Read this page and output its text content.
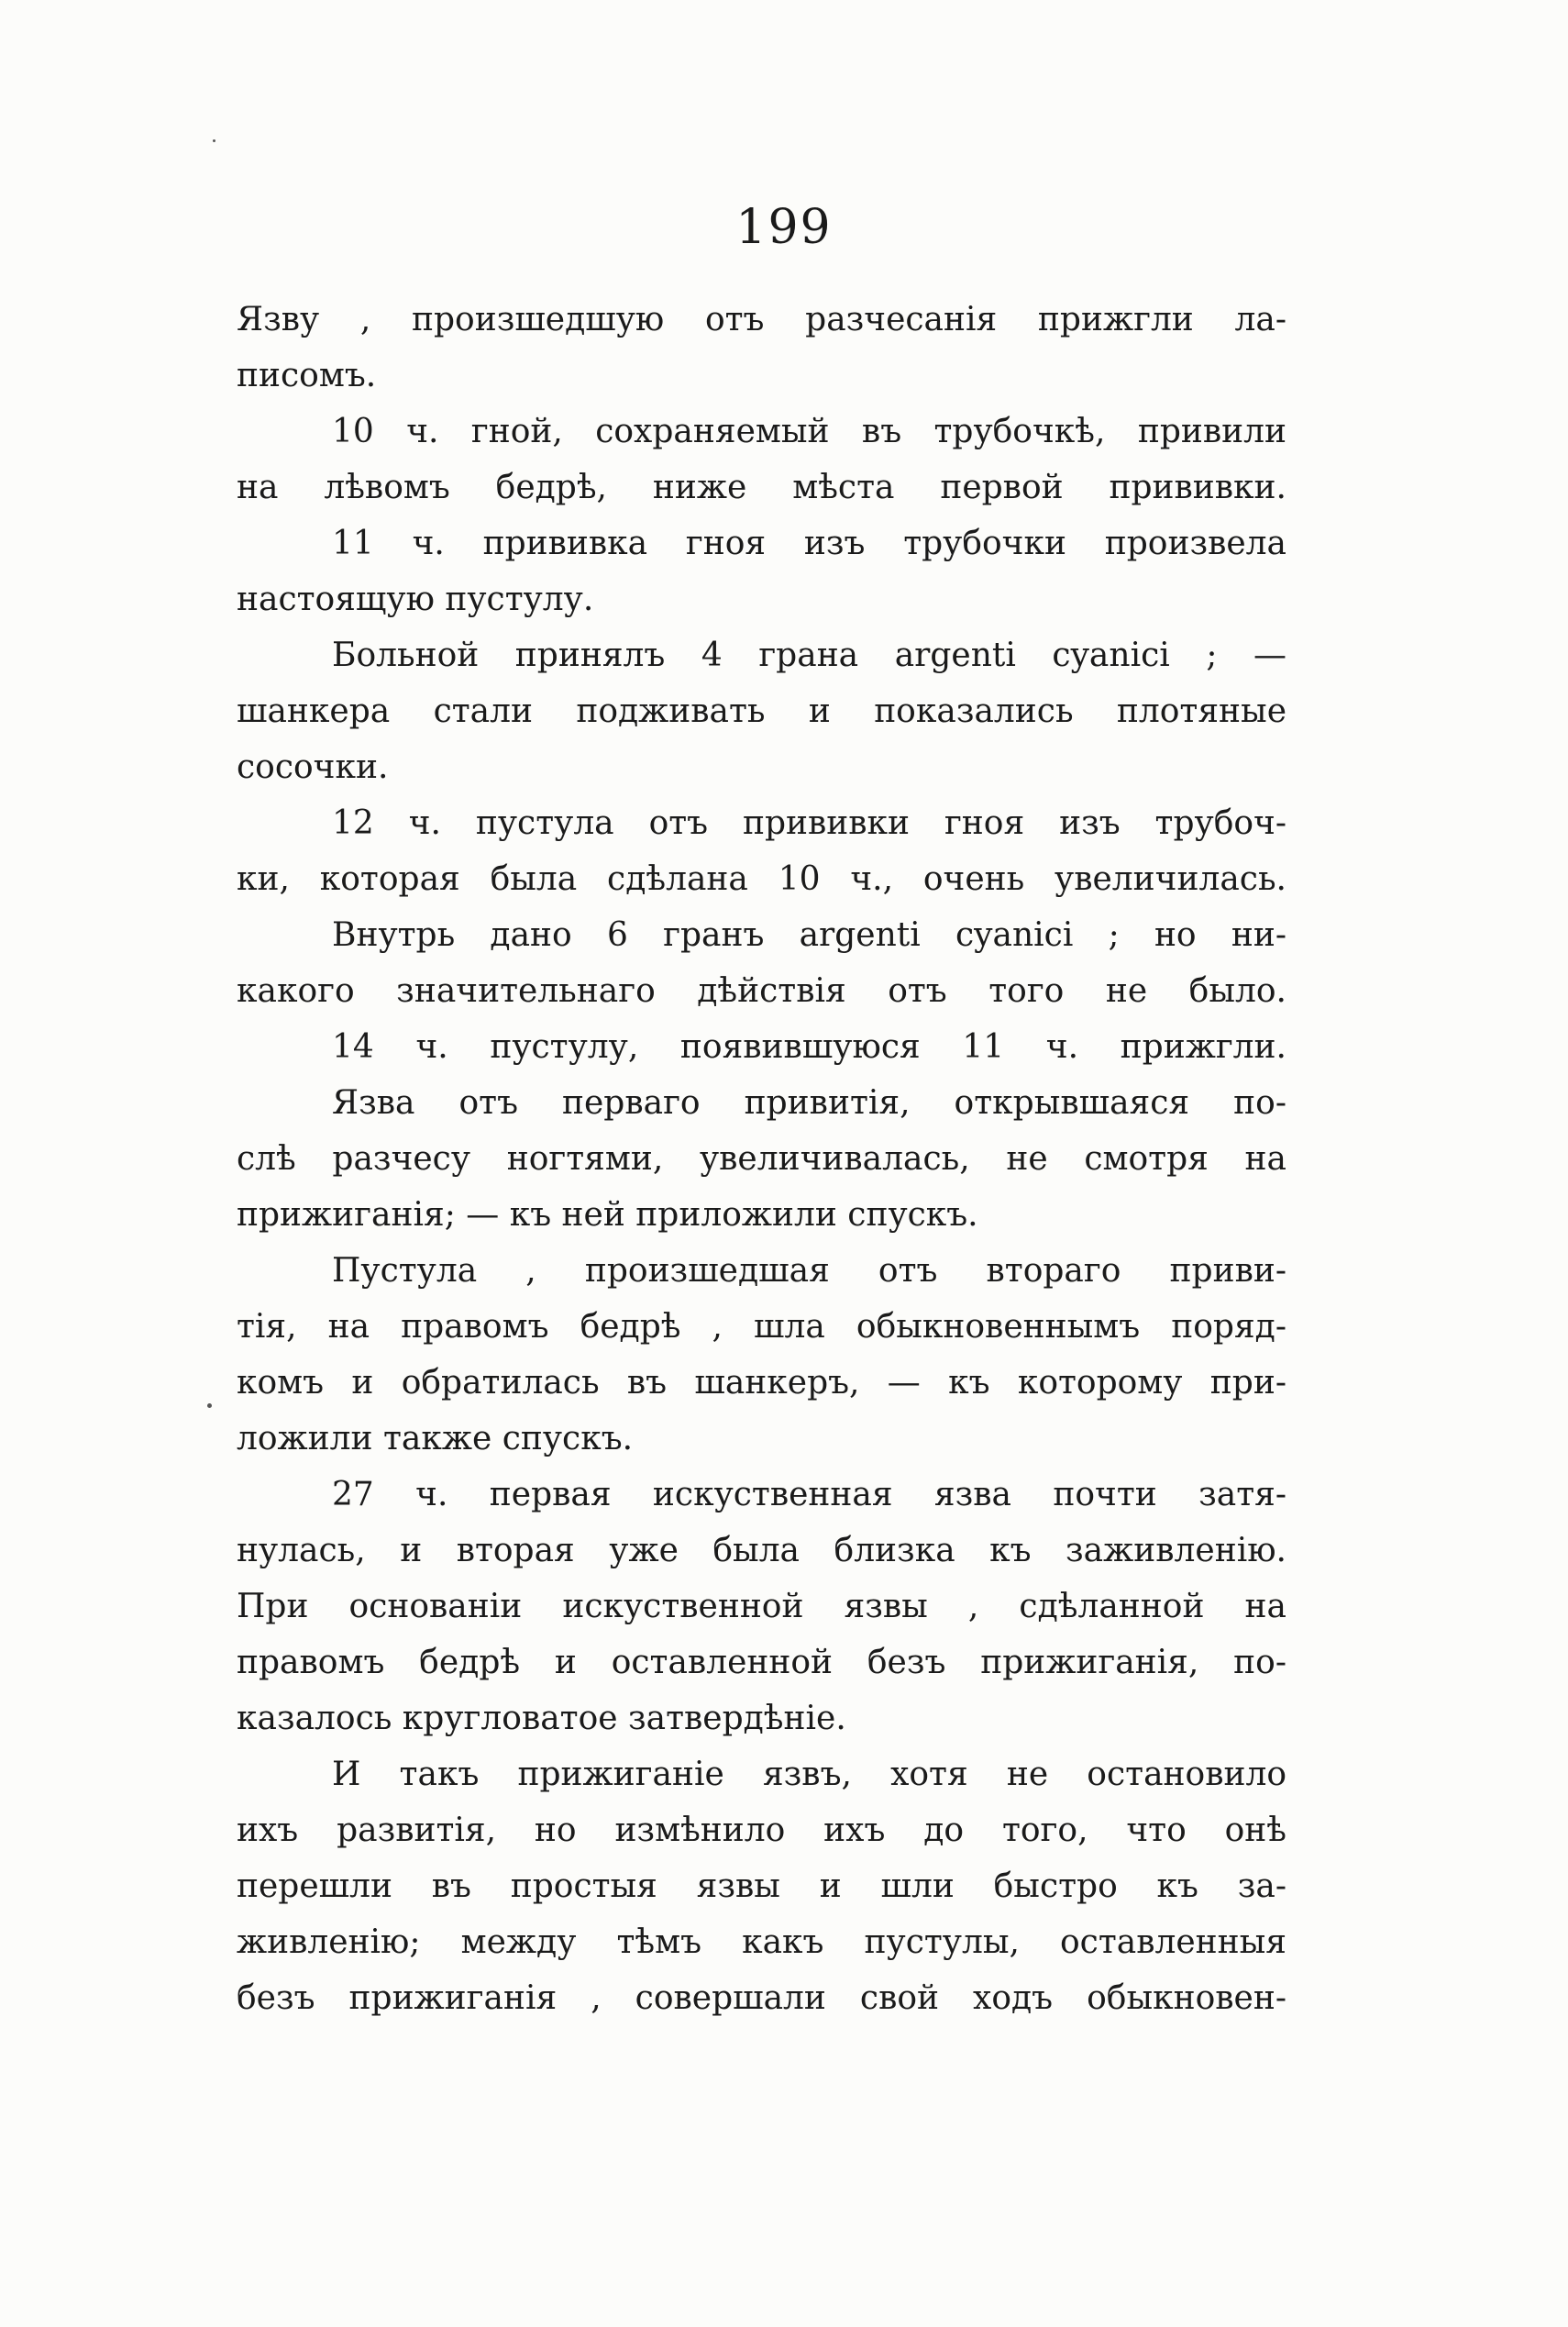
199
Язву , произшедшую отъ разчесанія прижгли ла-
писомъ.
10 ч. гной, сохраняемый въ трубочкѣ, привили
на лѣвомъ бедрѣ, ниже мѣста первой прививки.
11 ч. прививка гноя изъ трубочки произвела
настоящую пустулу.
Больной принялъ 4 грана argenti cyanici ; —
шанкера стали подживать и показались плотяные
сосочки.
12 ч. пустула отъ прививки гноя изъ трубоч-
ки, которая была сдѣлана 10 ч., очень увеличилась.
Внутрь дано 6 гранъ argenti cyanici ; но ни-
какого значительнаго дѣйствія отъ того не было.
14 ч. пустулу, появившуюся 11 ч. прижгли.
Язва отъ перваго привитія, открывшаяся по-
слѣ разчесу ногтями, увеличивалась, не смотря на
прижиганія; — къ ней приложили спускъ.
Пустула , произшедшая отъ втораго приви-
тія, на правомъ бедрѣ , шла обыкновеннымъ поряд-
комъ и обратилась въ шанкеръ, — къ которому при-
ложили также спускъ.
27 ч. первая искуственная язва почти затя-
нулась, и вторая уже была близка къ заживленію.
При основаніи искуственной язвы , сдѣланной на
правомъ бедрѣ и оставленной безъ прижиганія, по-
казалось кругловатое затвердѣніе.
И такъ прижиганіе язвъ, хотя не остановило
ихъ развитія, но измѣнило ихъ до того, что онѣ
перешли въ простыя язвы и шли быстро къ за-
живленію; между тѣмъ какъ пустулы, оставленныя
безъ прижиганія , совершали свой ходъ обыкновен-
